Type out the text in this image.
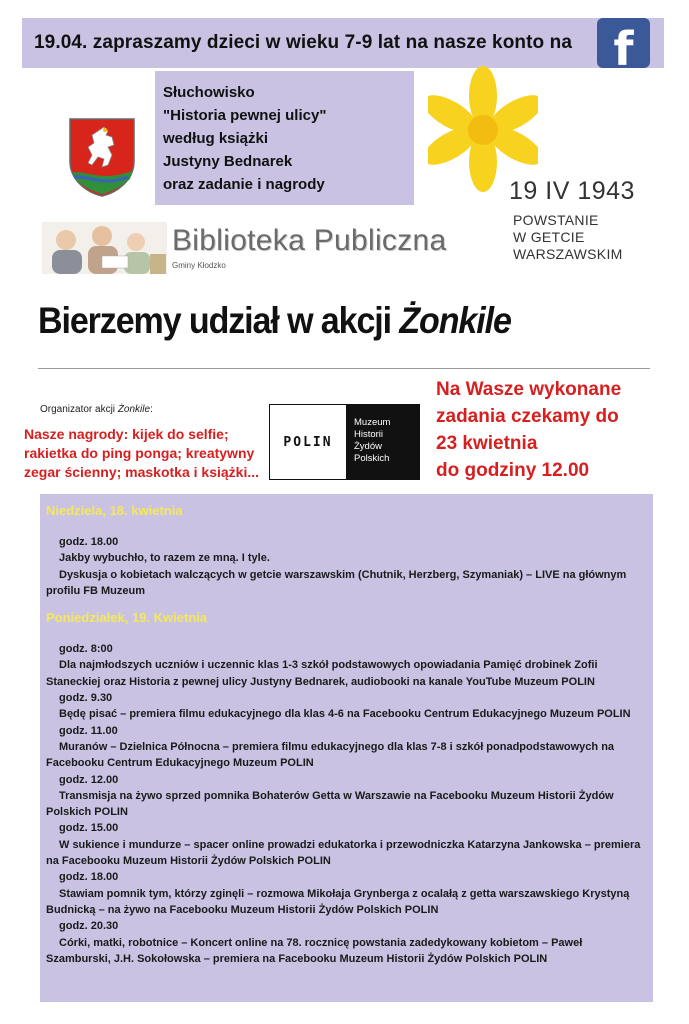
19.04. zapraszamy dzieci w wieku 7-9 lat na nasze konto na f
Słuchowisko
"Historia pewnej ulicy"
według książki
Justyny Bednarek
oraz zadanie i nagrody	19 IV 1943
POWSTANIE
W GETCIE
WARSZAWSKIM
Biblioteka Publiczna
Gminy Kłodzko
Bierzemy udział w akcji Żonkile
Organizator akcji Żonkile:
Nasze nagrody: kijek do selfie; rakietka do ping ponga; kreatywny zegar ścienny; maskotka i książki...
POLIN
Muzeum
Historii
Żydów
Polskich
Na Wasze wykonane
zadania czekamy do
23 kwietnia
do godziny 12.00
Niedziela, 18. kwietnia
godz. 18.00
Jakby wybuchło, to razem ze mną. I tyle.
Dyskusja o kobietach walczących w getcie warszawskim (Chutnik, Herzberg, Szymaniak) – LIVE na głównym profilu FB Muzeum
Poniedziałek, 19. Kwietnia
godz. 8:00
Dla najmłodszych uczniów i uczennic klas 1-3 szkół podstawowych opowiadania Pamięć drobinek Zofii Staneckiej oraz Historia z pewnej ulicy Justyny Bednarek, audiobooki na kanale YouTube Muzeum POLIN
godz. 9.30
Będę pisać – premiera filmu edukacyjnego dla klas 4-6 na Facebooku Centrum Edukacyjnego Muzeum POLIN
godz. 11.00
Muranów – Dzielnica Północna – premiera filmu edukacyjnego dla klas 7-8 i szkół ponadpodstawowych na Facebooku Centrum Edukacyjnego Muzeum POLIN
godz. 12.00
Transmisja na żywo sprzed pomnika Bohaterów Getta w Warszawie na Facebooku Muzeum Historii Żydów Polskich POLIN
godz. 15.00
W sukience i mundurze – spacer online prowadzi edukatorka i przewodniczka Katarzyna Jankowska – premiera na Facebooku Muzeum Historii Żydów Polskich POLIN
godz. 18.00
Stawiam pomnik tym, którzy zginęli – rozmowa Mikołaja Grynberga z ocalałą z getta warszawskiego Krystyną Budnicką – na żywo na Facebooku Muzeum Historii Żydów Polskich POLIN
godz. 20.30
Córki, matki, robotnice – Koncert online na 78. rocznicę powstania zadedykowany kobietom – Paweł Szamburski, J.H. Sokołowska – premiera na Facebooku Muzeum Historii Żydów Polskich POLIN
